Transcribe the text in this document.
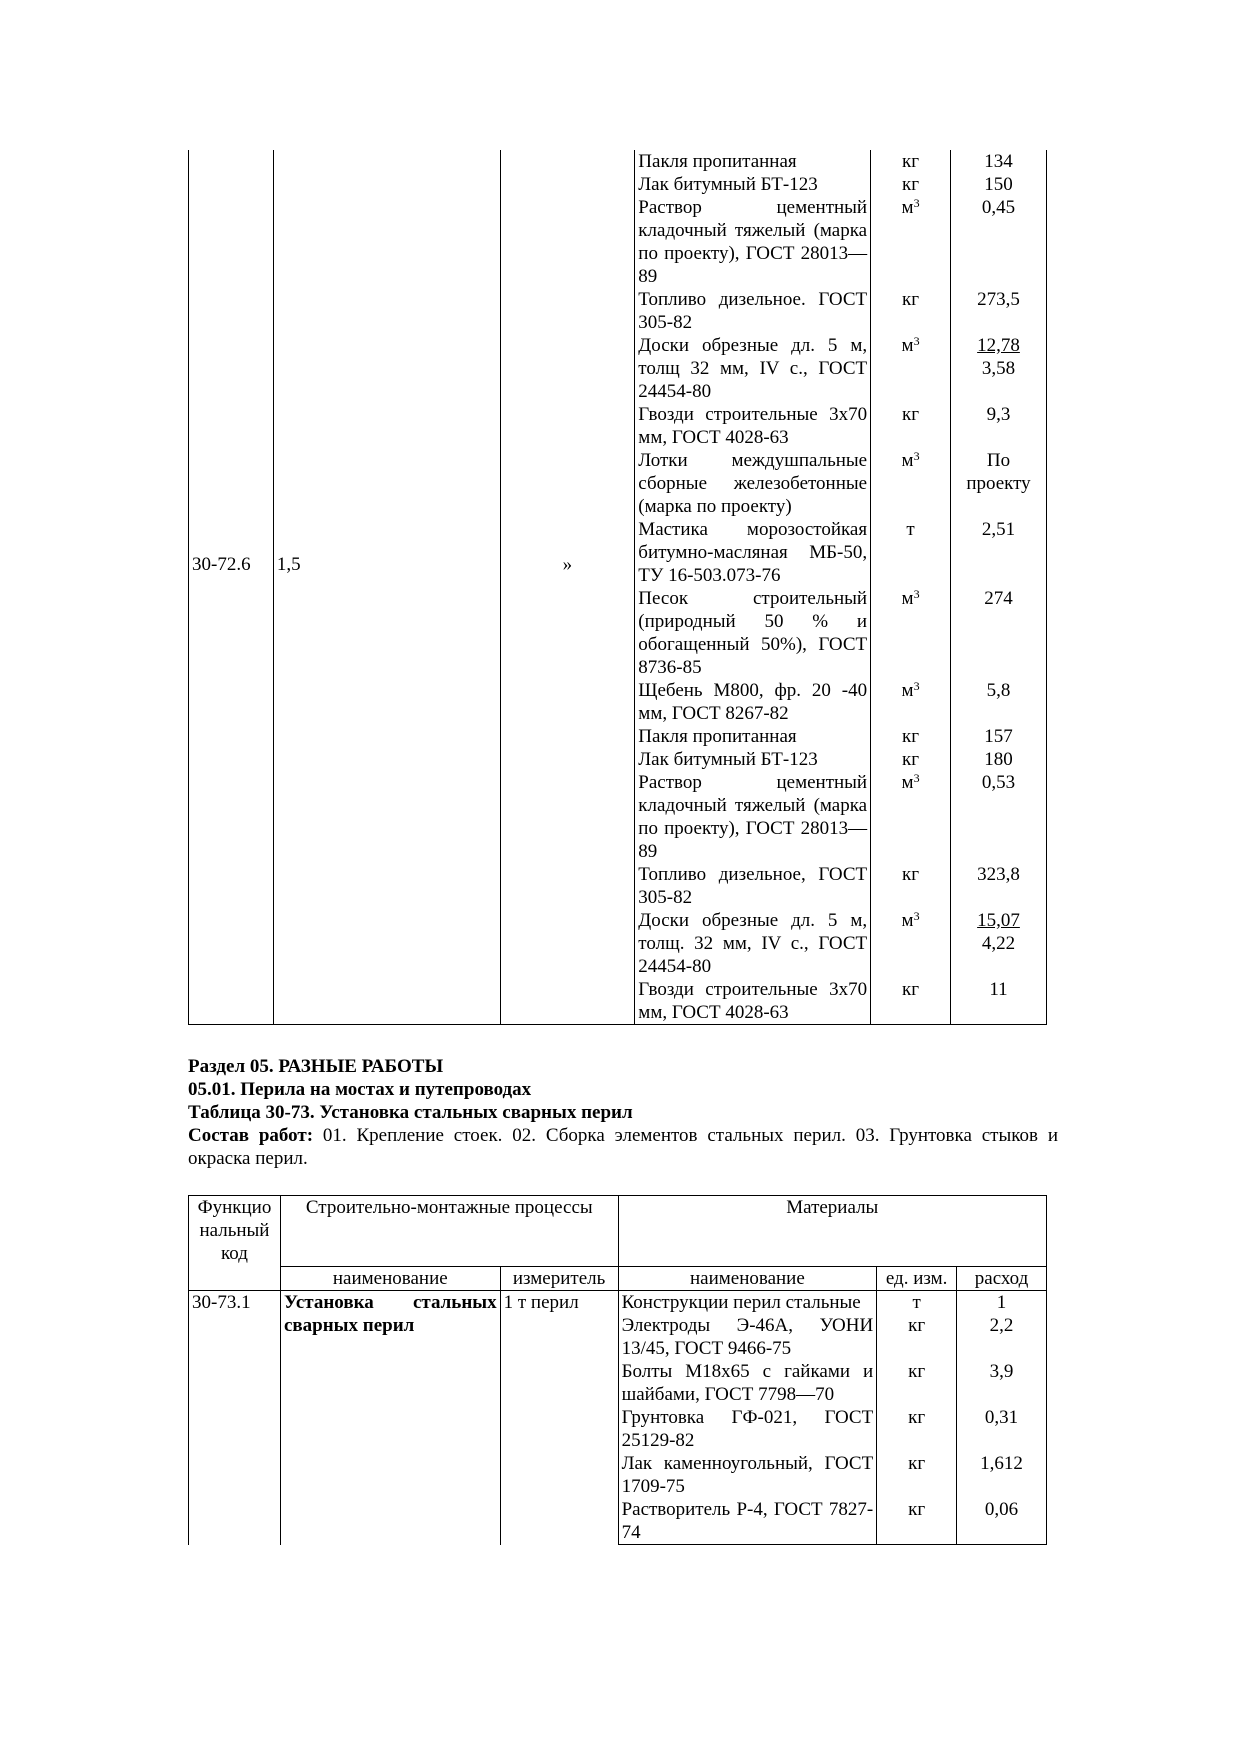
30-72.6	1,5	»	Пакля пропитанная	кг	134

			Лак битумный БТ-123	кг	150

			Раствор цементный кладочный тяжелый (марка по проекту), ГОСТ 28013—89	$м^3$	0,45

			Топливо дизельное. ГОСТ 305-82	кг	273,5

			Доски обрезные дл. 5 м, толщ 32 мм, IV с., ГОСТ 24454-80	$м^3$	12,78
3,58

			Гвозди строительные 3х70 мм, ГОСТ 4028-63	кг	9,3

			Лотки междушпальные сборные железобетонные (марка по проекту)	$м^3$	По проекту

			Мастика морозостойкая битумно-масляная МБ-50, ТУ 16-503.073-76	т	2,51

			Песок строительный (природный 50 % и обогащенный 50%), ГОСТ 8736-85	$м^3$	274

			Щебень М800, фр. 20 -40 мм, ГОСТ 8267-82	$м^3$	5,8

			Пакля пропитанная	кг	157

			Лак битумный БТ-123	кг	180

			Раствор цементный кладочный тяжелый (марка по проекту), ГОСТ 28013—89	$м^3$	0,53

			Топливо дизельное, ГОСТ 305-82	кг	323,8

			Доски обрезные дл. 5 м, толщ. 32 мм, IV с., ГОСТ 24454-80	$м^3$	15,07
4,22

			Гвозди строительные 3х70 мм, ГОСТ 4028-63	кг	11

Раздел 05. РАЗНЫЕ РАБОТЫ

05.01. Перила на мостах и путепроводах

Таблица 30-73. Установка стальных сварных перил

Состав работ: 01. Крепление стоек. 02. Сборка элементов стальных перил. 03. Грунтовка стыков и окраска перил.

Функцио нальный код	Строительно-монтажные процессы		Материалы		
	наименование	измеритель	наименование	ед. изм.	расход
30-73.1	Установка стальных сварных перил	1 т перил	Конструкции перил стальные	т	1
			Электроды Э-46А, УОНИ 13/45, ГОСТ 9466-75	кг	2,2
			Болты М18х65 с гайками и шайбами, ГОСТ 7798—70	кг	3,9
			Грунтовка ГФ-021, ГОСТ 25129-82	кг	0,31
			Лак каменноугольный, ГОСТ 1709-75	кг	1,612
			Растворитель Р-4, ГОСТ 7827-74	кг	0,06
